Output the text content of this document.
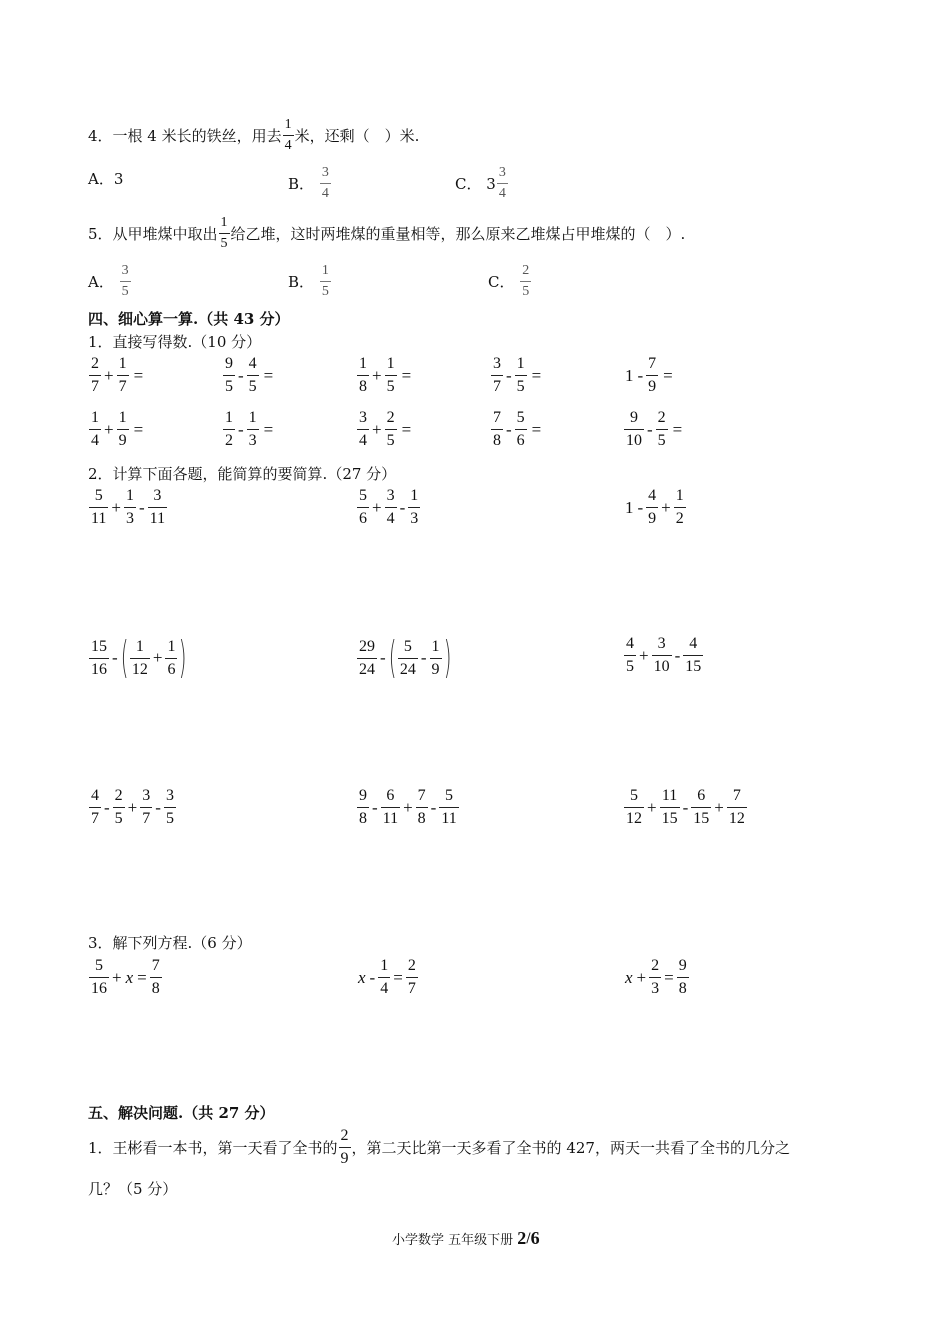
4．一根 4 米长的铁丝，用去 $\frac{1}{4}$ 米，还剩（　）米.
A． 3	B．
$\frac{3}{4}$	C．
$3 \frac{3}{4}$
5．从甲堆煤中取出 $\frac{1}{5}$ 给乙堆，这时两堆煤的重量相等，那么原来乙堆煤占甲堆煤的（　）.
A．
$\frac{3}{5}$	B．
$\frac{1}{5}$	C．
$\frac{2}{5}$
四、细心算一算.（共 43 分）
1．直接写得数.（10 分）
$\frac{2}{7} + \frac{1}{7}$ =	$\frac{9}{5} - \frac{4}{5}$ =	$\frac{1}{8} + \frac{1}{5}$ =	$\frac{3}{7} - \frac{1}{5}$ =	$1 - \frac{7}{9}$ =
$\frac{1}{4} + \frac{1}{9}$ =	$\frac{1}{2} - \frac{1}{3}$ =	$\frac{3}{4} + \frac{2}{5}$ =	$\frac{7}{8} - \frac{5}{6}$ =	$\frac{9}{10} - \frac{2}{5}$ =
2．计算下面各题，能简算的要简算.（27 分）
$\frac{5}{11} + \frac{1}{3} - \frac{3}{11}$	$\frac{5}{6} + \frac{3}{4} - \frac{1}{3}$	$1 - \frac{4}{9} + \frac{1}{2}$
$\frac{15}{16}$ - ( $\frac{1}{12} + \frac{1}{6}$ )	$\frac{29}{24}$ - ( $\frac{5}{24} - \frac{1}{9}$ )	$\frac{4}{5} + \frac{3}{10} - \frac{4}{15}$
$\frac{4}{7} - \frac{2}{5} + \frac{3}{7} - \frac{3}{5}$	$\frac{9}{8} - \frac{6}{11} + \frac{7}{8} - \frac{5}{11}$	$\frac{5}{12} + \frac{11}{15} - \frac{6}{15} + \frac{7}{12}$
3．解下列方程.（6 分）
$\frac{5}{16} + x = \frac{7}{8}$	$x - \frac{1}{4} = \frac{2}{7}$	$x + \frac{2}{3} = \frac{9}{8}$
五、解决问题.（共 27 分）
1．王彬看一本书，第一天看了全书的 $\frac{2}{9}$ ，第二天比第一天多看了全书的 427，两天一共看了全书的几分之
几？（5 分）
小学数学 五年级下册
2 / 6
